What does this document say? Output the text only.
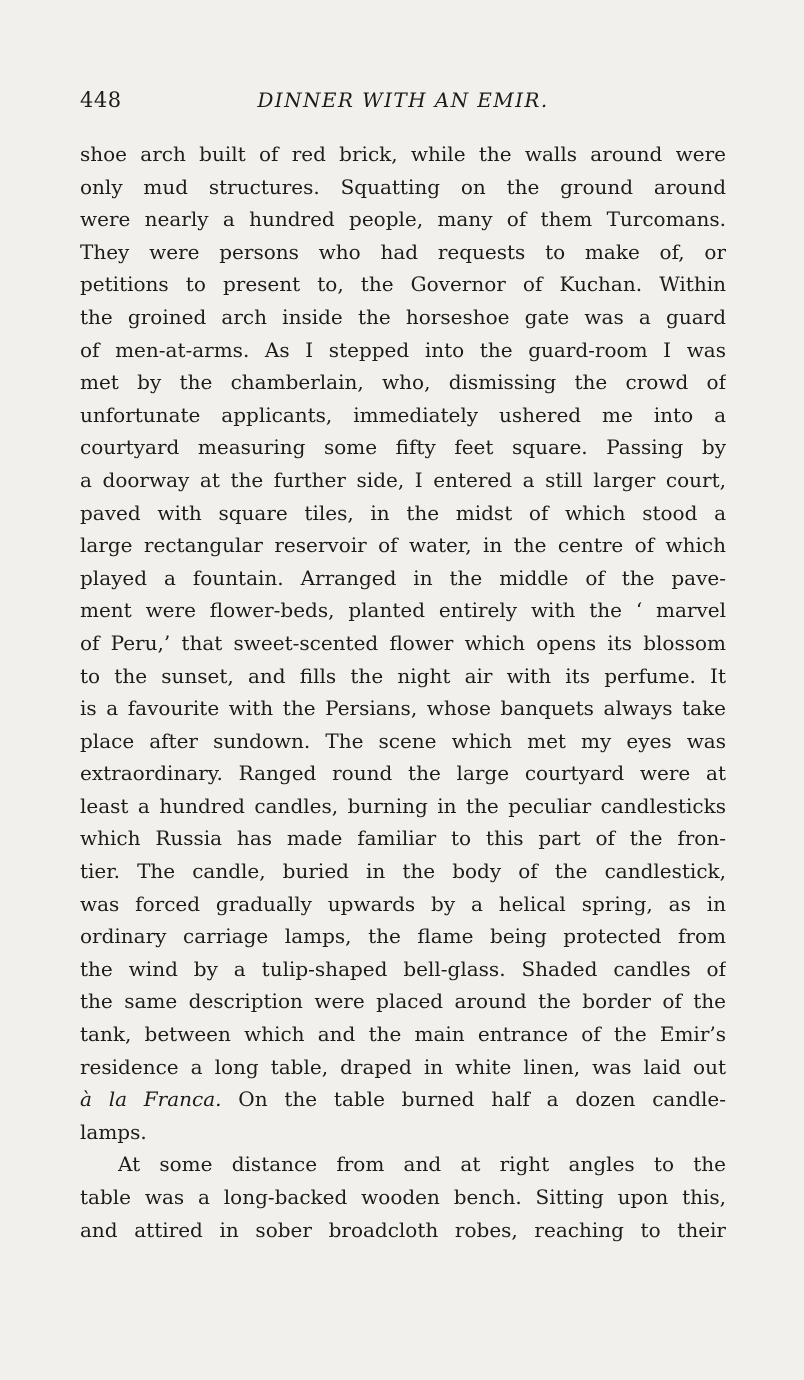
448	DINNER WITH AN EMIR.
shoe arch built of red brick, while the walls around were
only mud structures. Squatting on the ground around
were nearly a hundred people, many of them Turcomans.
They were persons who had requests to make of, or
petitions to present to, the Governor of Kuchan. Within
the groined arch inside the horseshoe gate was a guard
of men-at-arms. As I stepped into the guard-room I was
met by the chamberlain, who, dismissing the crowd of
unfortunate applicants, immediately ushered me into a
courtyard measuring some fifty feet square. Passing by
a doorway at the further side, I entered a still larger court,
paved with square tiles, in the midst of which stood a
large rectangular reservoir of water, in the centre of which
played a fountain. Arranged in the middle of the pave-
ment were flower-beds, planted entirely with the ‘ marvel
of Peru,’ that sweet-scented flower which opens its blossom
to the sunset, and fills the night air with its perfume. It
is a favourite with the Persians, whose banquets always take
place after sundown. The scene which met my eyes was
extraordinary. Ranged round the large courtyard were at
least a hundred candles, burning in the peculiar candlesticks
which Russia has made familiar to this part of the fron-
tier. The candle, buried in the body of the candlestick,
was forced gradually upwards by a helical spring, as in
ordinary carriage lamps, the flame being protected from
the wind by a tulip-shaped bell-glass. Shaded candles of
the same description were placed around the border of the
tank, between which and the main entrance of the Emir’s
residence a long table, draped in white linen, was laid out
à la Franca. On the table burned half a dozen candle-
lamps.
At some distance from and at right angles to the
table was a long-backed wooden bench. Sitting upon this,
and attired in sober broadcloth robes, reaching to their
